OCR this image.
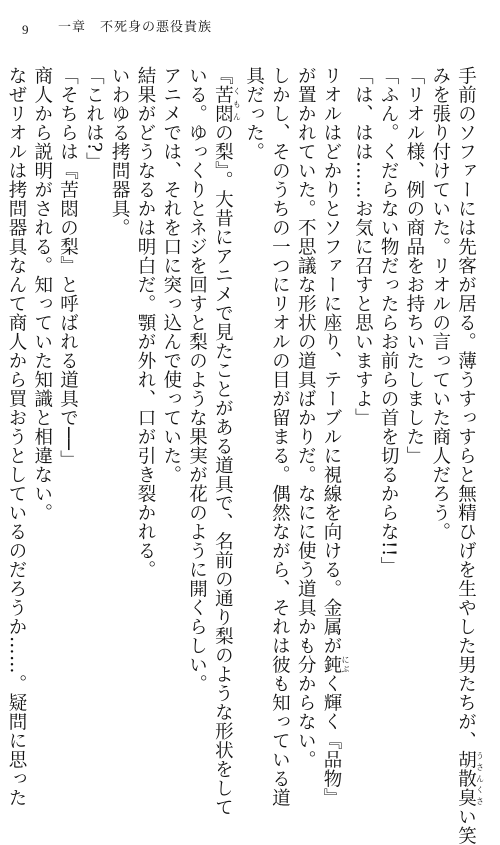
9 一章　不死身の悪役貴族
手前のソファーには先客が居る。薄うすっすらと無精ひげを生やした男たちが、胡散臭 うさんくさい笑
みを張り付けていた。リオルの言っていた商人だろう。
「リオル様、例の商品をお持ちいたしました」
「ふん。くだらない物だったらお前らの首を切るからな!!」
「は、はは……お気に召すと思いますよ」
リオルはどかりとソファーに座り、テーブルに視線を向ける。金属が鈍 にぶく輝く『品物』
が置かれていた。不思議な形状の道具ばかりだ。なにに使う道具かも分からない。
しかし、そのうちの一つにリオルの目が留まる。偶然ながら、それは彼も知っている道
具だった。
『苦悶 くもんの梨』。大昔にアニメで見たことがある道具で、名前の通り梨のような形状をして
いる。ゆっくりとネジを回すと梨のような果実が花のように開くらしい。
アニメでは、それを口に突っ込んで使っていた。
結果がどうなるかは明白だ。顎が外れ、口が引き裂かれる。
いわゆる拷問器具。
「これは?」
「そちらは『苦悶の梨』と呼ばれる道具で──」
商人から説明がされる。知っていた知識と相違ない。
なぜリオルは拷問器具なんて商人から買おうとしているのだろうか……。疑問に思った
